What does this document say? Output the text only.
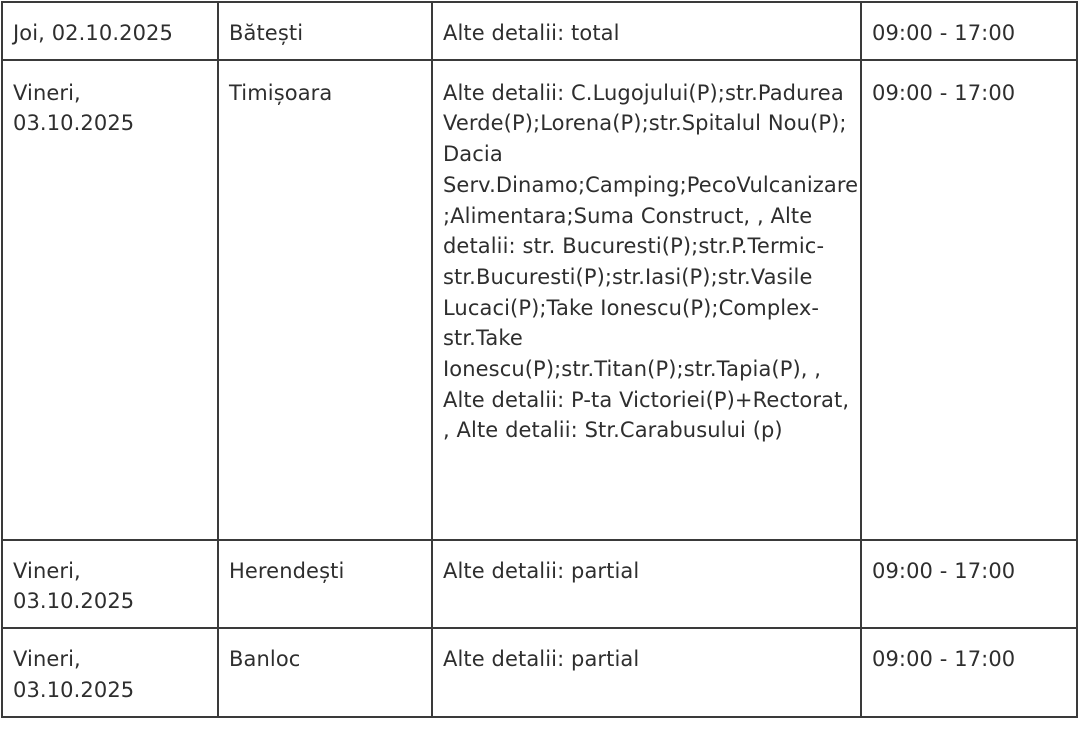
Joi, 02.10.2025	Bătești	Alte detalii: total	09:00 - 17:00

Vineri, 03.10.2025	Timișoara	Alte detalii: C.Lugojului(P);str.Padurea Verde(P);Lorena(P);str.Spitalul Nou(P); Dacia Serv.Dinamo;Camping;PecoVulcanizare;Alimentara;Suma Construct, , Alte detalii: str. Bucuresti(P);str.P.Termic-str.Bucuresti(P);str.Iasi(P);str.Vasile Lucaci(P);Take Ionescu(P);Complex-str.Take Ionescu(P);str.Titan(P);str.Tapia(P), , Alte detalii: P-ta Victoriei(P)+Rectorat, , Alte detalii: Str.Carabusului (p)	09:00 - 17:00

Vineri, 03.10.2025	Herendești	Alte detalii: partial	09:00 - 17:00

Vineri, 03.10.2025	Banloc	Alte detalii: partial	09:00 - 17:00
